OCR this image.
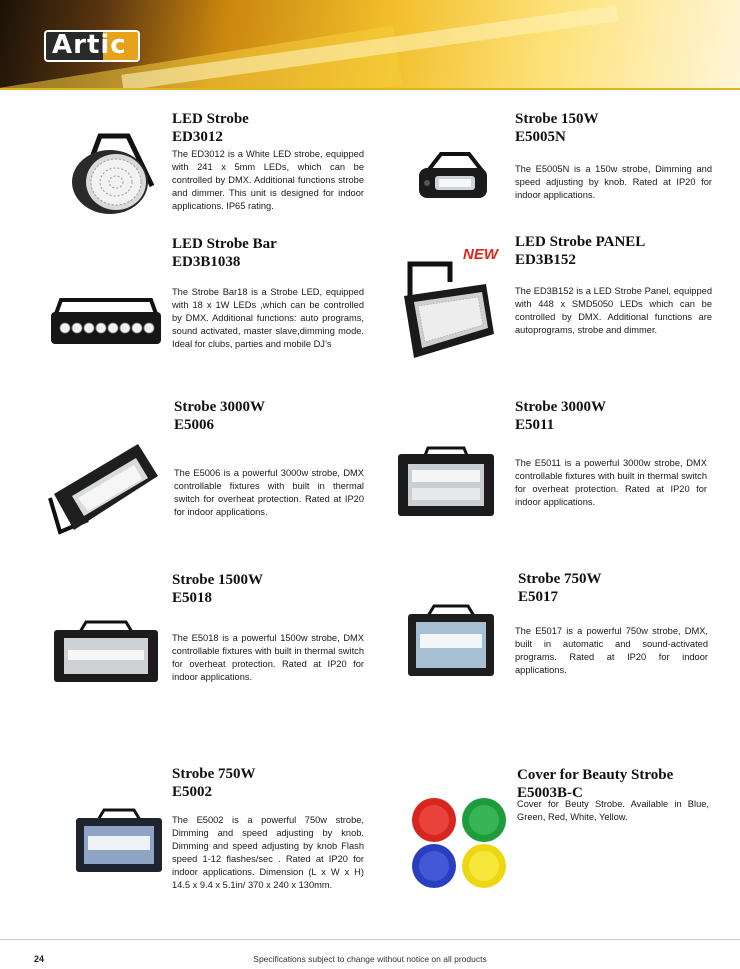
Artic
LED Strobe
ED3012

The ED3012 is a White LED strobe, equipped with 241 x 5mm LEDs, which can be controlled by DMX. Additional functions strobe and dimmer. This unit is designed for indoor applications. IP65 rating.

Strobe 150W
E5005N

The E5005N is a 150w strobe, Dimming and speed adjusting by knob. Rated at IP20 for indoor applications.

LED Strobe Bar
ED3B1038

The Strobe Bar18 is a Strobe LED, equipped with 18 x 1W LEDs ,which can be controlled by DMX. Additional functions: auto programs, sound activated, master slave,dimming mode. Ideal for clubs, parties and mobile DJ’s

NEW
LED Strobe PANEL
ED3B152

The ED3B152 is a LED Strobe Panel, equipped with 448 x SMD5050 LEDs which can be controlled by DMX. Additional functions are autoprograms, strobe and dimmer.

Strobe 3000W
E5006

The E5006 is a powerful 3000w strobe, DMX controllable fixtures with built in thermal switch for overheat protection. Rated at IP20 for indoor applications.

Strobe 3000W
E5011

The E5011 is a powerful 3000w strobe, DMX controllable fixtures with built in thermal switch for overheat protection. Rated at IP20 for indoor applications.

Strobe 1500W
E5018

The E5018 is a powerful 1500w strobe, DMX controllable fixtures with built in thermal switch for overheat protection. Rated at IP20 for indoor applications.

Strobe 750W
E5017

The E5017 is a powerful 750w strobe, DMX, built in automatic and sound-activated programs. Rated at IP20 for indoor applications.

Strobe 750W
E5002

The E5002 is a powerful 750w strobe, Dimming and speed adjusting by knob. Dimming and speed adjusting by knob Flash speed 1-12 flashes/sec . Rated at IP20 for indoor applications. Dimension (L x W x H) 14.5 x 9.4 x 5.1in/ 370 x 240 x 130mm.

Cover for Beauty Strobe
E5003B-C

Cover for Beuty Strobe. Available in Blue, Green, Red, White, Yellow.

24	Specifications subject to change without notice on all products
